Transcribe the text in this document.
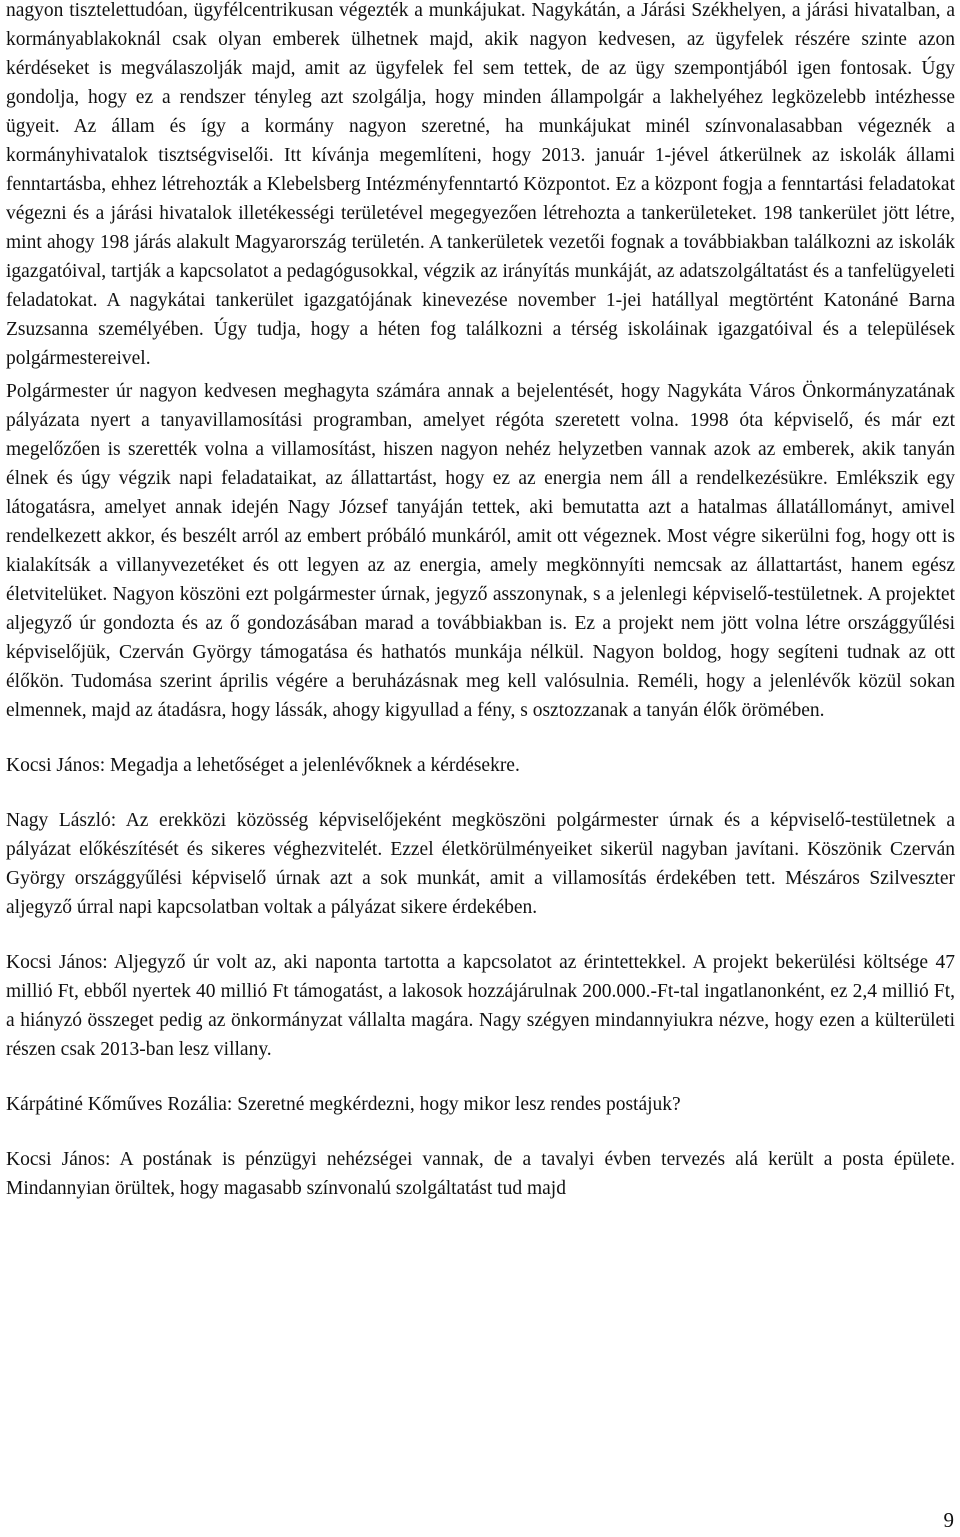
nagyon tisztelettudóan, ügyfélcentrikusan végezték a munkájukat. Nagykátán, a Járási Székhelyen, a járási hivatalban, a kormányablakoknál csak olyan emberek ülhetnek majd, akik nagyon kedvesen, az ügyfelek részére szinte azon kérdéseket is megválaszolják majd, amit az ügyfelek fel sem tettek, de az ügy szempontjából igen fontosak. Úgy gondolja, hogy ez a rendszer tényleg azt szolgálja, hogy minden állampolgár a lakhelyéhez legközelebb intézhesse ügyeit. Az állam és így a kormány nagyon szeretné, ha munkájukat minél színvonalasabban végeznék a kormányhivatalok tisztségviselői. Itt kívánja megemlíteni, hogy 2013. január 1-jével átkerülnek az iskolák állami fenntartásba, ehhez létrehozták a Klebelsberg Intézményfenntartó Központot. Ez a központ fogja a fenntartási feladatokat végezni és a járási hivatalok illetékességi területével megegyezően létrehozta a tankerületeket. 198 tankerület jött létre, mint ahogy 198 járás alakult Magyarország területén. A tankerületek vezetői fognak a továbbiakban találkozni az iskolák igazgatóival, tartják a kapcsolatot a pedagógusokkal, végzik az irányítás munkáját, az adatszolgáltatást és a tanfelügyeleti feladatokat. A nagykátai tankerület igazgatójának kinevezése november 1-jei hatállyal megtörtént Katonáné Barna Zsuzsanna személyében. Úgy tudja, hogy a héten fog találkozni a térség iskoláinak igazgatóival és a települések polgármestereivel.

Polgármester úr nagyon kedvesen meghagyta számára annak a bejelentését, hogy Nagykáta Város Önkormányzatának pályázata nyert a tanyavillamosítási programban, amelyet régóta szeretett volna. 1998 óta képviselő, és már ezt megelőzően is szerették volna a villamosítást, hiszen nagyon nehéz helyzetben vannak azok az emberek, akik tanyán élnek és úgy végzik napi feladataikat, az állattartást, hogy ez az energia nem áll a rendelkezésükre. Emlékszik egy látogatásra, amelyet annak idején Nagy József tanyáján tettek, aki bemutatta azt a hatalmas állatállományt, amivel rendelkezett akkor, és beszélt arról az embert próbáló munkáról, amit ott végeznek. Most végre sikerülni fog, hogy ott is kialakítsák a villanyvezetéket és ott legyen az az energia, amely megkönnyíti nemcsak az állattartást, hanem egész életvitelüket. Nagyon köszöni ezt polgármester úrnak, jegyző asszonynak, s a jelenlegi képviselő-testületnek. A projektet aljegyző úr gondozta és az ő gondozásában marad a továbbiakban is. Ez a projekt nem jött volna létre országgyűlési képviselőjük, Czerván György támogatása és hathatós munkája nélkül. Nagyon boldog, hogy segíteni tudnak az ott élőkön. Tudomása szerint április végére a beruházásnak meg kell valósulnia. Reméli, hogy a jelenlévők közül sokan elmennek, majd az átadásra, hogy lássák, ahogy kigyullad a fény, s osztozzanak a tanyán élők örömében.

Kocsi János: Megadja a lehetőséget a jelenlévőknek a kérdésekre.

Nagy László: Az erekközi közösség képviselőjeként megköszöni polgármester úrnak és a képviselő-testületnek a pályázat előkészítését és sikeres véghezvitelét. Ezzel életkörülményeiket sikerül nagyban javítani. Köszönik Czerván György országgyűlési képviselő úrnak azt a sok munkát, amit a villamosítás érdekében tett. Mészáros Szilveszter aljegyző úrral napi kapcsolatban voltak a pályázat sikere érdekében.

Kocsi János: Aljegyző úr volt az, aki naponta tartotta a kapcsolatot az érintettekkel. A projekt bekerülési költsége 47 millió Ft, ebből nyertek 40 millió Ft támogatást, a lakosok hozzájárulnak 200.000.-Ft-tal ingatlanonként, ez 2,4 millió Ft, a hiányzó összeget pedig az önkormányzat vállalta magára. Nagy szégyen mindannyiukra nézve, hogy ezen a külterületi részen csak 2013-ban lesz villany.

Kárpátiné Kőműves Rozália: Szeretné megkérdezni, hogy mikor lesz rendes postájuk?

Kocsi János: A postának is pénzügyi nehézségei vannak, de a tavalyi évben tervezés alá került a posta épülete. Mindannyian örültek, hogy magasabb színvonalú szolgáltatást tud majd

9
